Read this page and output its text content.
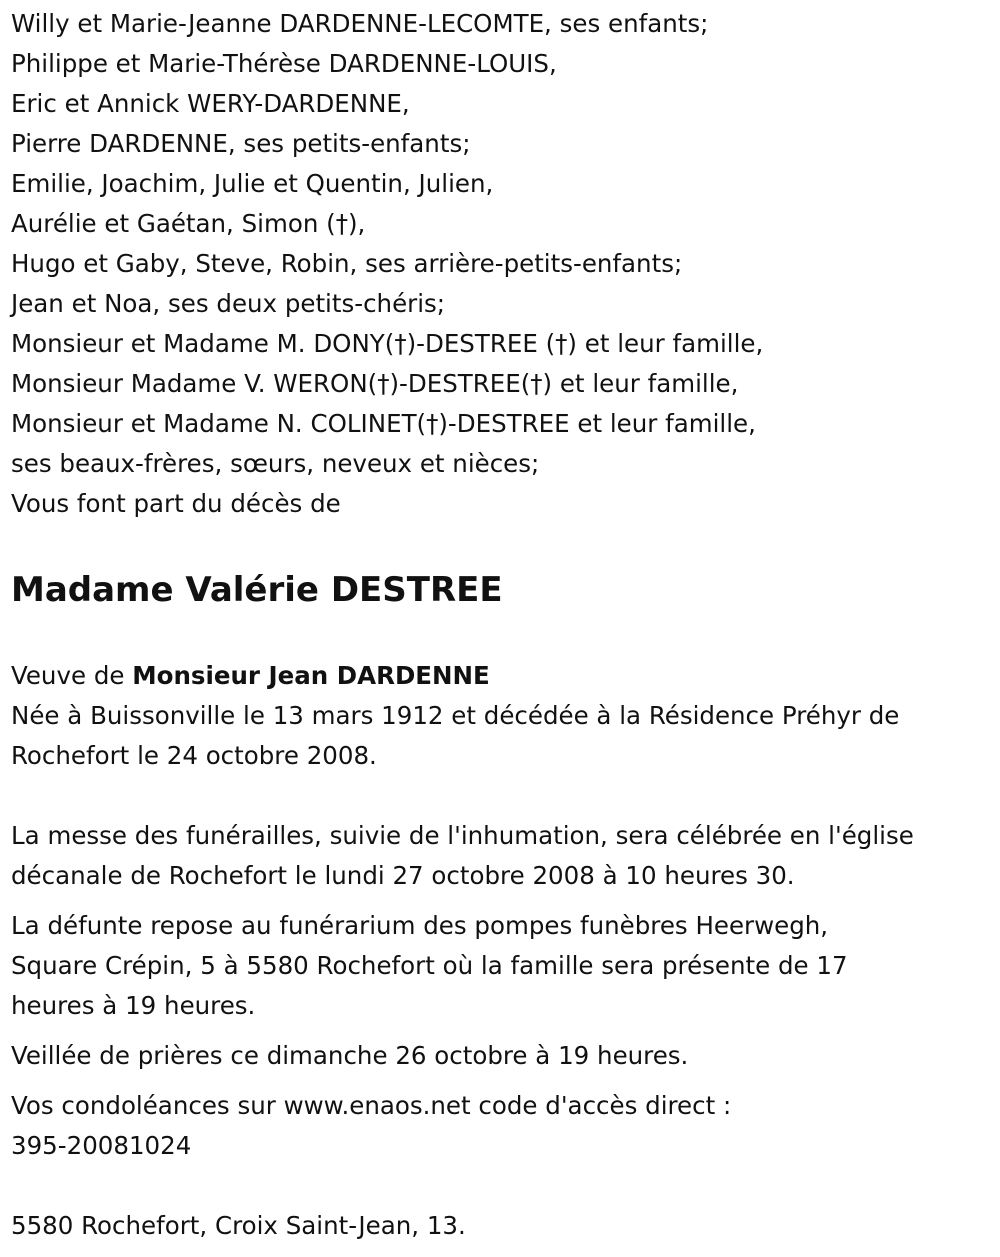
Willy et Marie-Jeanne DARDENNE-LECOMTE, ses enfants;

Philippe et Marie-Thérèse DARDENNE-LOUIS,

Eric et Annick WERY-DARDENNE,

Pierre DARDENNE, ses petits-enfants;

Emilie, Joachim, Julie et Quentin, Julien,

Aurélie et Gaétan, Simon (†),

Hugo et Gaby, Steve, Robin, ses arrière-petits-enfants;

Jean et Noa, ses deux petits-chéris;

Monsieur et Madame M. DONY(†)-DESTREE (†) et leur famille,

Monsieur Madame V. WERON(†)-DESTREE(†) et leur famille,

Monsieur et Madame N. COLINET(†)-DESTREE et leur famille,

ses beaux-frères, sœurs, neveux et nièces;

Vous font part du décès de

Madame Valérie DESTREE

Veuve de Monsieur Jean DARDENNE

Née à Buissonville le 13 mars 1912 et décédée à la Résidence Préhyr de

Rochefort le 24 octobre 2008.

La messe des funérailles, suivie de l'inhumation, sera célébrée en l'église

décanale de Rochefort le lundi 27 octobre 2008 à 10 heures 30.

La défunte repose au funérarium des pompes funèbres Heerwegh,

Square Crépin, 5 à 5580 Rochefort où la famille sera présente de 17

heures à 19 heures.

Veillée de prières ce dimanche 26 octobre à 19 heures.

Vos condoléances sur www.enaos.net code d'accès direct :

395-20081024

5580 Rochefort, Croix Saint-Jean, 13.
